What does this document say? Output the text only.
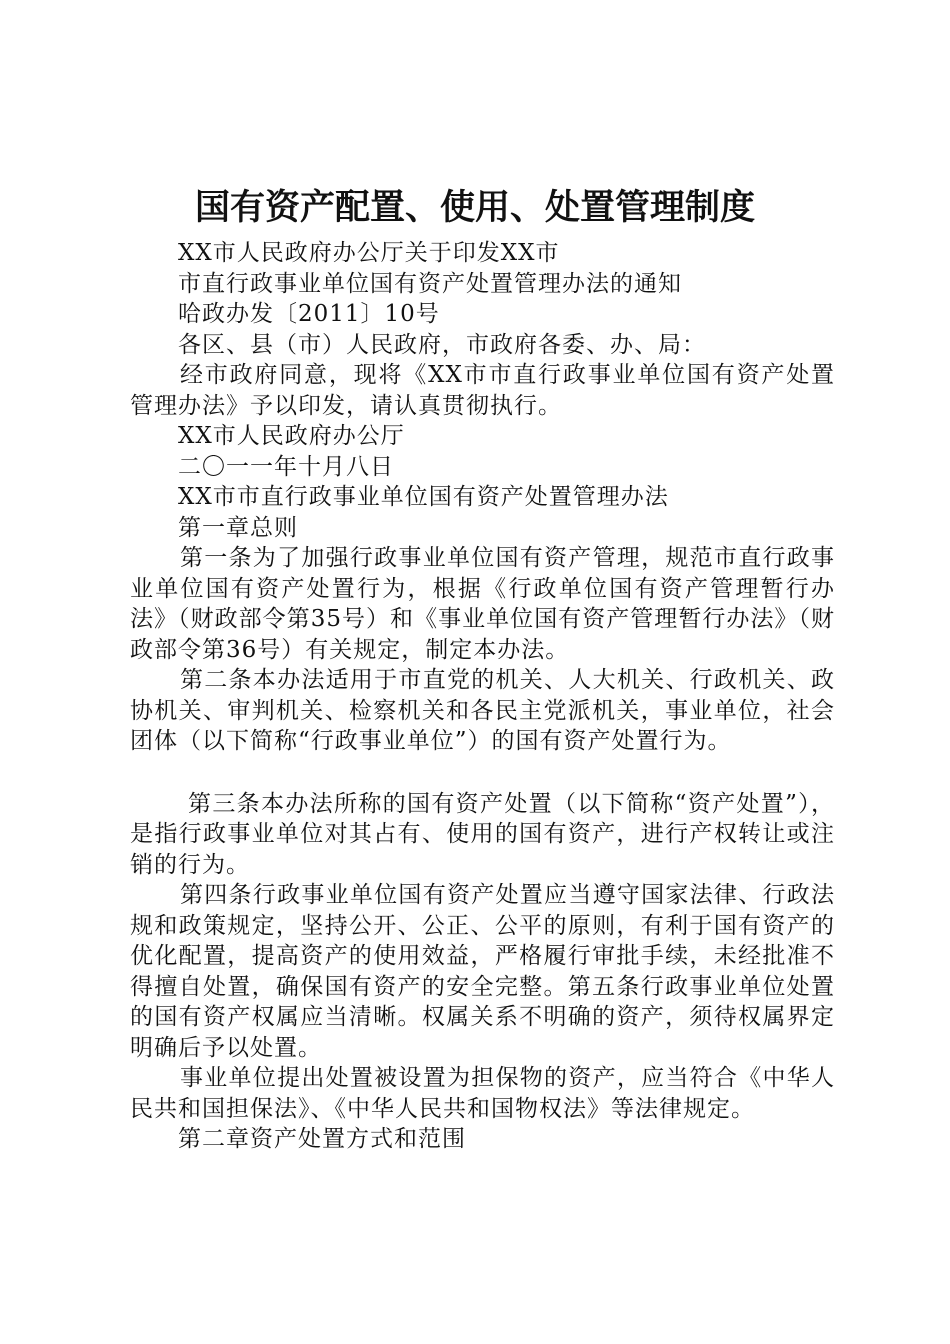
国有资产配置、使用、处置管理制度

XX市人民政府办公厅关于印发XX市

市直行政事业单位国有资产处置管理办法的通知

哈政办发〔2011〕10号

各区、县（市）人民政府，市政府各委、办、局：

经市政府同意，现将《XX市市直行政事业单位国有资产处置管理办法》予以印发，请认真贯彻执行。

XX市人民政府办公厅

二〇一一年十月八日

XX市市直行政事业单位国有资产处置管理办法

第一章总则

第一条为了加强行政事业单位国有资产管理，规范市直行政事业单位国有资产处置行为，根据《行政单位国有资产管理暂行办法》（财政部令第35号）和《事业单位国有资产管理暂行办法》（财政部令第36号）有关规定，制定本办法。

第二条本办法适用于市直党的机关、人大机关、行政机关、政协机关、审判机关、检察机关和各民主党派机关，事业单位，社会团体（以下简称“行政事业单位”）的国有资产处置行为。

第三条本办法所称的国有资产处置（以下简称“资产处置”），是指行政事业单位对其占有、使用的国有资产，进行产权转让或注销的行为。

第四条行政事业单位国有资产处置应当遵守国家法律、行政法规和政策规定，坚持公开、公正、公平的原则，有利于国有资产的优化配置，提高资产的使用效益，严格履行审批手续，未经批准不得擅自处置，确保国有资产的安全完整。第五条行政事业单位处置的国有资产权属应当清晰。权属关系不明确的资产，须待权属界定明确后予以处置。

事业单位提出处置被设置为担保物的资产，应当符合《中华人民共和国担保法》、《中华人民共和国物权法》等法律规定。

第二章资产处置方式和范围
